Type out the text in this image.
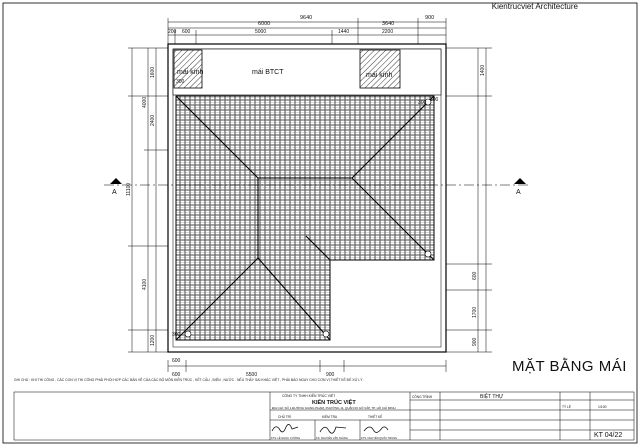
mái kính	mái BTCT	mái kính
A	A
9640
6000	3640
900
200 600	5000	1440	2200
300
300
1600
4000
2400
11100
4100
1200	300
600
1400
300
600
1700
900
600	5500	900
CÔNG TY TNHH KIẾN TRÚC VIỆT
KIẾN TRÚC VIỆT
ĐỊA CHỈ: SỐ 1 ĐƯỜNG GIANG PHẠM, PHƯỜNG 11, QUẬN 06 GỐ VẤP, TP. HỒ CHÍ MINH
CHỦ TRÌ	KIỂM TRA	THIẾT KẾ
KTS. LÊ NGỌC CƯỜNG	KS. NGUYỄN VĂN THÀNH	KTS. NGUYỄN QUỐC TRUNG
CÔNG TRÌNH	BIỆT THỰ
TỶ LỆ	1/100
KT 04/22
Kientrucviet Architecture
GHI CHÚ : KHI THI CÔNG , CÁC CON VỊ THI CÔNG PHẢI PHỐI HỢP CÁC BẢN VẼ CỦA CÁC BỘ MÔN KIẾN TRÚC , KẾT CẤU , ĐIỆN , NƯỚC . NẾU THẤY SAI KHÁC VIỆT , PHẢI BÁO NGAY CHO CƠN VỊ THIẾT KẾ ĐỂ XỬ LÝ .
MẶT BẰNG MÁI
